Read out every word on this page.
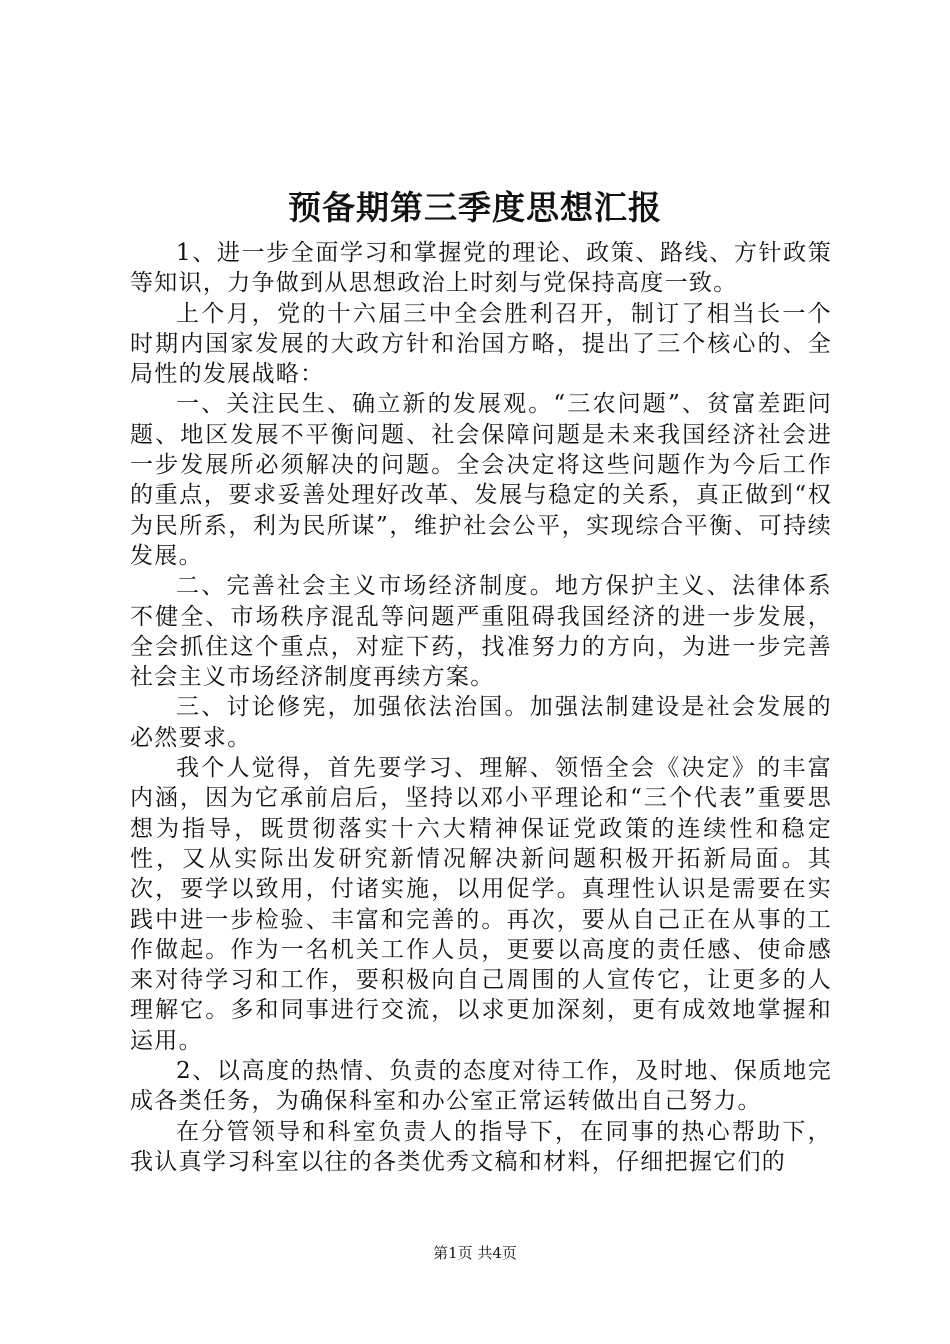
预备期第三季度思想汇报

1、进一步全面学习和掌握党的理论、政策、路线、方针政策等知识，力争做到从思想政治上时刻与党保持高度一致。

上个月，党的十六届三中全会胜利召开，制订了相当长一个时期内国家发展的大政方针和治国方略，提出了三个核心的、全局性的发展战略：

一、关注民生、确立新的发展观。“三农问题”、贫富差距问题、地区发展不平衡问题、社会保障问题是未来我国经济社会进一步发展所必须解决的问题。全会决定将这些问题作为今后工作的重点，要求妥善处理好改革、发展与稳定的关系，真正做到“权为民所系，利为民所谋”，维护社会公平，实现综合平衡、可持续发展。

二、完善社会主义市场经济制度。地方保护主义、法律体系不健全、市场秩序混乱等问题严重阻碍我国经济的进一步发展，全会抓住这个重点，对症下药，找准努力的方向，为进一步完善社会主义市场经济制度再续方案。

三、讨论修宪，加强依法治国。加强法制建设是社会发展的必然要求。

我个人觉得，首先要学习、理解、领悟全会《决定》的丰富内涵，因为它承前启后，坚持以邓小平理论和“三个代表”重要思想为指导，既贯彻落实十六大精神保证党政策的连续性和稳定性，又从实际出发研究新情况解决新问题积极开拓新局面。其次，要学以致用，付诸实施，以用促学。真理性认识是需要在实践中进一步检验、丰富和完善的。再次，要从自己正在从事的工作做起。作为一名机关工作人员，更要以高度的责任感、使命感来对待学习和工作，要积极向自己周围的人宣传它，让更多的人理解它。多和同事进行交流，以求更加深刻，更有成效地掌握和运用。

2、以高度的热情、负责的态度对待工作，及时地、保质地完成各类任务，为确保科室和办公室正常运转做出自己努力。

在分管领导和科室负责人的指导下，在同事的热心帮助下，我认真学习科室以往的各类优秀文稿和材料，仔细把握它们的

第1页 共4页
